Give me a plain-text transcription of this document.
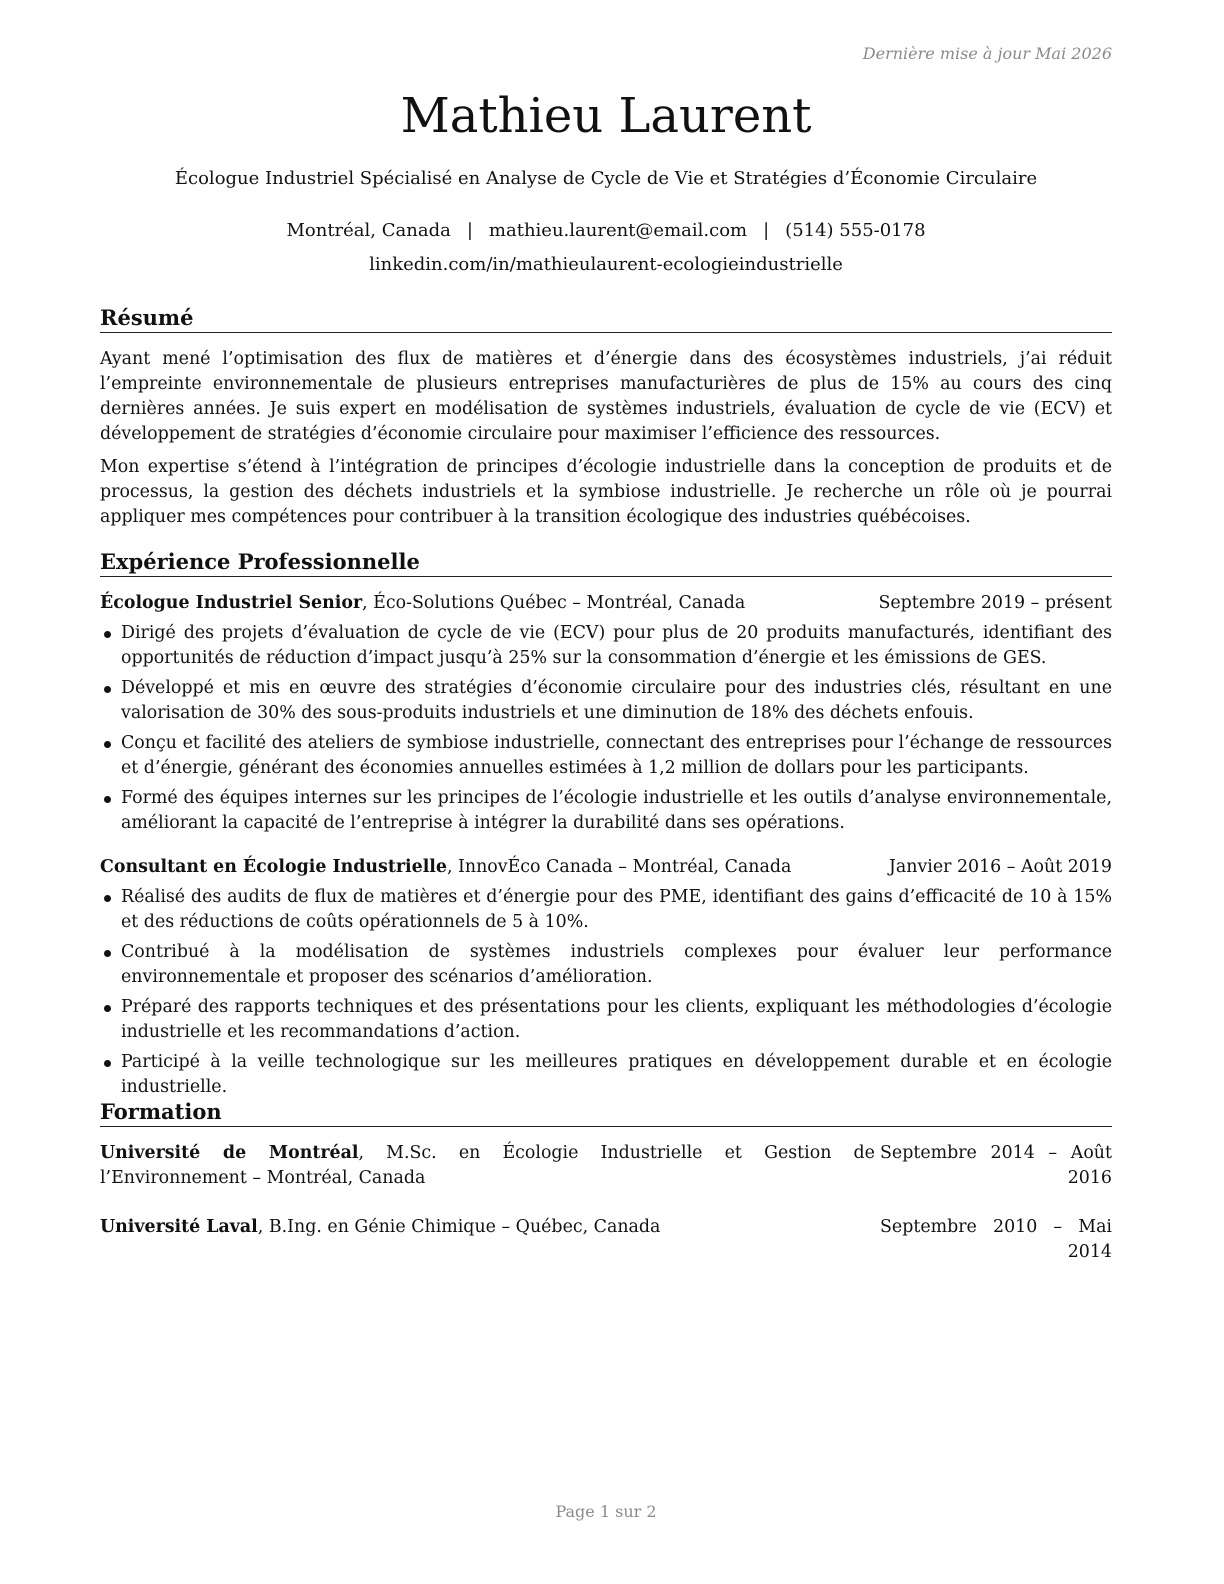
Dernière mise à jour Mai 2026
Mathieu Laurent
Écologue Industriel Spécialisé en Analyse de Cycle de Vie et Stratégies d’Économie Circulaire
Montréal, Canada | mathieu.laurent@email.com | (514) 555-0178
linkedin.com/in/mathieulaurent-ecologieindustrielle
Résumé

Ayant mené l’optimisation des flux de matières et d’énergie dans des écosystèmes industriels, j’ai réduit l’empreinte environnementale de plusieurs entreprises manufacturières de plus de 15% au cours des cinq dernières années. Je suis expert en modélisation de systèmes industriels, évaluation de cycle de vie (ECV) et développement de stratégies d’économie circulaire pour maximiser l’efficience des ressources.

Mon expertise s’étend à l’intégration de principes d’écologie industrielle dans la conception de produits et de processus, la gestion des déchets industriels et la symbiose industrielle. Je recherche un rôle où je pourrai appliquer mes compétences pour contribuer à la transition écologique des industries québécoises.

Expérience Professionnelle
Écologue Industriel Senior, Éco-Solutions Québec – Montréal, Canada	Septembre 2019 – présent
Dirigé des projets d’évaluation de cycle de vie (ECV) pour plus de 20 produits manufacturés, identifiant des opportunités de réduction d’impact jusqu’à 25% sur la consommation d’énergie et les émissions de GES.
Développé et mis en œuvre des stratégies d’économie circulaire pour des industries clés, résultant en une valorisation de 30% des sous-produits industriels et une diminution de 18% des déchets enfouis.
Conçu et facilité des ateliers de symbiose industrielle, connectant des entreprises pour l’échange de ressources et d’énergie, générant des économies annuelles estimées à 1,2 million de dollars pour les participants.
Formé des équipes internes sur les principes de l’écologie industrielle et les outils d’analyse environnementale, améliorant la capacité de l’entreprise à intégrer la durabilité dans ses opérations.
Consultant en Écologie Industrielle, InnovÉco Canada – Montréal, Canada	Janvier 2016 – Août 2019
Réalisé des audits de flux de matières et d’énergie pour des PME, identifiant des gains d’efficacité de 10 à 15% et des réductions de coûts opérationnels de 5 à 10%.
Contribué à la modélisation de systèmes industriels complexes pour évaluer leur performance environnementale et proposer des scénarios d’amélioration.
Préparé des rapports techniques et des présentations pour les clients, expliquant les méthodologies d’écologie industrielle et les recommandations d’action.
Participé à la veille technologique sur les meilleures pratiques en développement durable et en écologie industrielle.
Formation
Université de Montréal, M.Sc. en Écologie Industrielle et Gestion de l’Environnement – Montréal, Canada
Septembre 2014 – Août 2016
Université Laval, B.Ing. en Génie Chimique – Québec, Canada	Septembre 2010 – Mai 2014
Page 1 sur 2
